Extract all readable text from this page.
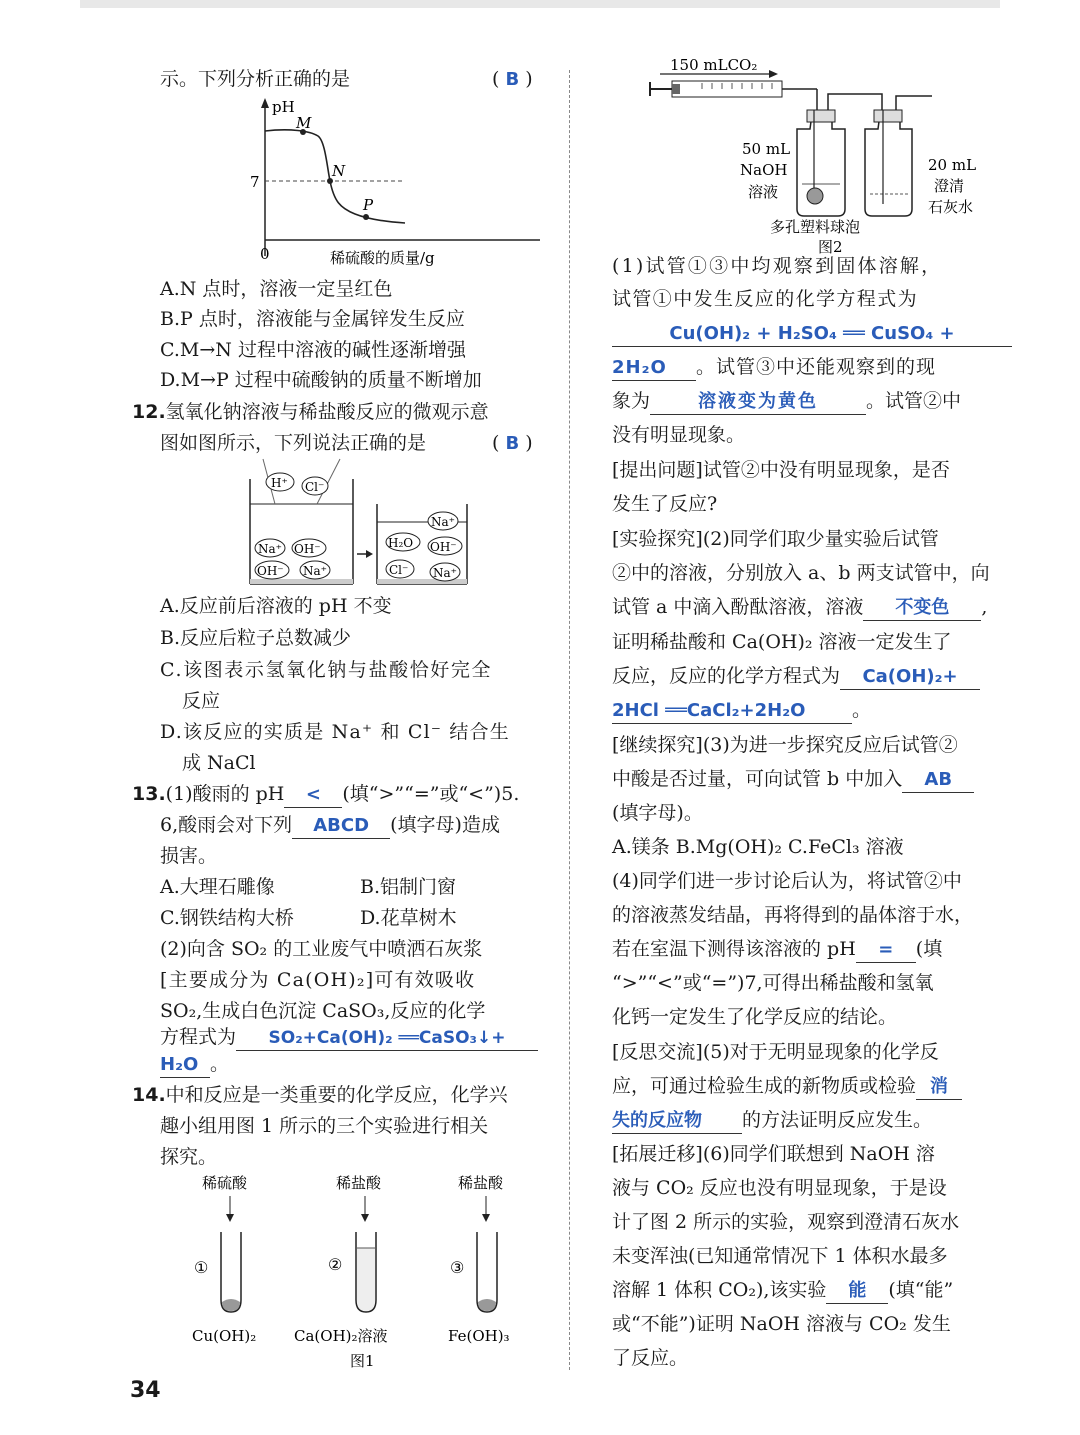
示。下列分析正确的是	( B )
pH
7
0	稀硫酸的质量/g
M
N
P
A.N 点时，溶液一定呈红色
B.P 点时，溶液能与金属锌发生反应
C.M→N 过程中溶液的碱性逐渐增强
D.M→P 过程中硫酸钠的质量不断增加
12.氢氧化钠溶液与稀盐酸反应的微观示意
图如图所示，下列说法正确的是	( B )
H⁺ Cl⁻
Na⁺ OH⁻
OH⁻ Na⁺
Na⁺
H₂O OH⁻
Cl⁻ Na⁺
A.反应前后溶液的 pH 不变
B.反应后粒子总数减少
C.该图表示氢氧化钠与盐酸恰好完全
反应
D.该反应的实质是 Na⁺ 和 Cl⁻ 结合生
成 NaCl
13.(1)酸雨的 pH < (填“>”“=”或“<”)5.
6,酸雨会对下列 ABCD (填字母)造成
损害。
A.大理石雕像	B.铝制门窗
C.钢铁结构大桥	D.花草树木
(2)向含 SO₂ 的工业废气中喷洒石灰浆
[主要成分为 Ca(OH)₂]可有效吸收
SO₂,生成白色沉淀 CaSO₃,反应的化学
方程式为 SO₂+Ca(OH)₂ ══CaSO₃↓+
H₂O 。
14.中和反应是一类重要的化学反应，化学兴
趣小组用图 1 所示的三个实验进行相关
探究。
稀硫酸	稀盐酸	稀盐酸
①	②	③
Cu(OH)₂	Ca(OH)₂溶液	Fe(OH)₃
图1
150 mLCO₂
50 mL
NaOH
溶液
20 mL
澄清
石灰水
多孔塑料球泡
图2
(1)试管①③中均观察到固体溶解，
试管①中发生反应的化学方程式为
Cu(OH)₂ + H₂SO₄ ══ CuSO₄ +
2H₂O 。试管③中还能观察到的现
象为	溶液变为黄色	。试管②中
没有明显现象。
[提出问题]试管②中没有明显现象，是否
发生了反应?
[实验探究](2)同学们取少量实验后试管
②中的溶液，分别放入 a、b 两支试管中，向
试管 a 中滴入酚酞溶液，溶液 不变色 ,
证明稀盐酸和 Ca(OH)₂ 溶液一定发生了
反应，反应的化学方程式为 Ca(OH)₂+
2HCl ══CaCl₂+2H₂O 。
[继续探究](3)为进一步探究反应后试管②
中酸是否过量，可向试管 b 中加入 AB
(填字母)。
A.镁条 B.Mg(OH)₂ C.FeCl₃ 溶液
(4)同学们进一步讨论后认为，将试管②中
的溶液蒸发结晶，再将得到的晶体溶于水，
若在室温下测得该溶液的 pH = (填
“>”“<”或“=”)7,可得出稀盐酸和氢氧
化钙一定发生了化学反应的结论。
[反思交流](5)对于无明显现象的化学反
应，可通过检验生成的新物质或检验 消
失的反应物 的方法证明反应发生。
[拓展迁移](6)同学们联想到 NaOH 溶
液与 CO₂ 反应也没有明显现象，于是设
计了图 2 所示的实验，观察到澄清石灰水
未变浑浊(已知通常情况下 1 体积水最多
溶解 1 体积 CO₂),该实验 能 (填“能”
或“不能”)证明 NaOH 溶液与 CO₂ 发生
了反应。
34
